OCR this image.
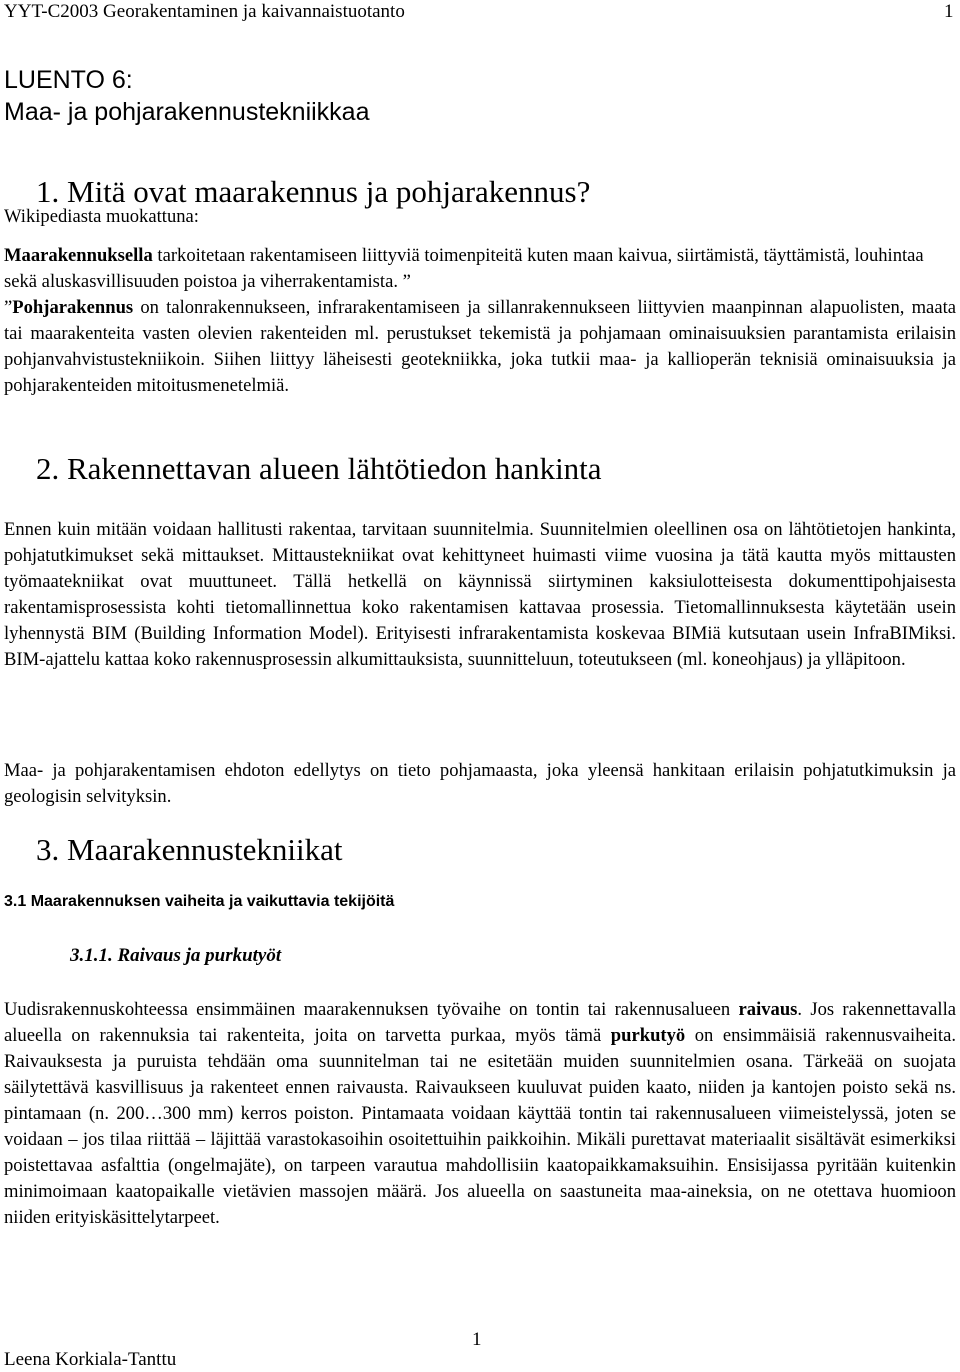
YYT-C2003 Georakentaminen ja kaivannaistuotanto	1
LUENTO 6:
Maa- ja pohjarakennustekniikkaa
1. Mitä ovat maarakennus ja pohjarakennus?
Wikipediasta muokattuna:

Maarakennuksella tarkoitetaan rakentamiseen liittyviä toimenpiteitä kuten maan kaivua, siirtämistä, täyttämistä, louhintaa sekä aluskasvillisuuden poistoa ja viherrakentamista. ”

”Pohjarakennus on talonrakennukseen, infrarakentamiseen ja sillanrakennukseen liittyvien maanpinnan alapuolisten, maata tai maarakenteita vasten olevien rakenteiden ml. perustukset tekemistä ja pohjamaan ominaisuuksien parantamista erilaisin pohjanvahvistustekniikoin. Siihen liittyy läheisesti geotekniikka, joka tutkii maa- ja kallioperän teknisiä ominaisuuksia ja pohjarakenteiden mitoitusmenetelmiä.

2. Rakennettavan alueen lähtötiedon hankinta

Ennen kuin mitään voidaan hallitusti rakentaa, tarvitaan suunnitelmia. Suunnitelmien oleellinen osa on lähtötietojen hankinta, pohjatutkimukset sekä mittaukset. Mittaustekniikat ovat kehittyneet huimasti viime vuosina ja tätä kautta myös mittausten työmaatekniikat ovat muuttuneet. Tällä hetkellä on käynnissä siirtyminen kaksiulotteisesta dokumenttipohjaisesta rakentamisprosessista kohti tietomallinnettua koko rakentamisen kattavaa prosessia. Tietomallinnuksesta käytetään usein lyhennystä BIM (Building Information Model). Erityisesti infrarakentamista koskevaa BIMiä kutsutaan usein InfraBIMiksi. BIM-ajattelu kattaa koko rakennusprosessin alkumittauksista, suunnitteluun, toteutukseen (ml. koneohjaus) ja ylläpitoon.

Maa- ja pohjarakentamisen ehdoton edellytys on tieto pohjamaasta, joka yleensä hankitaan erilaisin pohjatutkimuksin ja geologisin selvityksin.

3. Maarakennustekniikat
3.1 Maarakennuksen vaiheita ja vaikuttavia tekijöitä
3.1.1. Raivaus ja purkutyöt

Uudisrakennuskohteessa ensimmäinen maarakennuksen työvaihe on tontin tai rakennusalueen raivaus. Jos rakennettavalla alueella on rakennuksia tai rakenteita, joita on tarvetta purkaa, myös tämä purkutyö on ensimmäisiä rakennusvaiheita. Raivauksesta ja puruista tehdään oma suunnitelman tai ne esitetään muiden suunnitelmien osana. Tärkeää on suojata säilytettävä kasvillisuus ja rakenteet ennen raivausta. Raivaukseen kuuluvat puiden kaato, niiden ja kantojen poisto sekä ns. pintamaan (n. 200…300 mm) kerros poiston. Pintamaata voidaan käyttää tontin tai rakennusalueen viimeistelyssä, joten se voidaan – jos tilaa riittää – läjittää varastokasoihin osoitettuihin paikkoihin. Mikäli purettavat materiaalit sisältävät esimerkiksi poistettavaa asfalttia (ongelmajäte), on tarpeen varautua mahdollisiin kaatopaikkamaksuihin. Ensisijassa pyritään kuitenkin minimoimaan kaatopaikalle vietävien massojen määrä. Jos alueella on saastuneita maa-aineksia, on ne otettava huomioon niiden erityiskäsittelytarpeet.

1
Leena Korkiala-Tanttu
